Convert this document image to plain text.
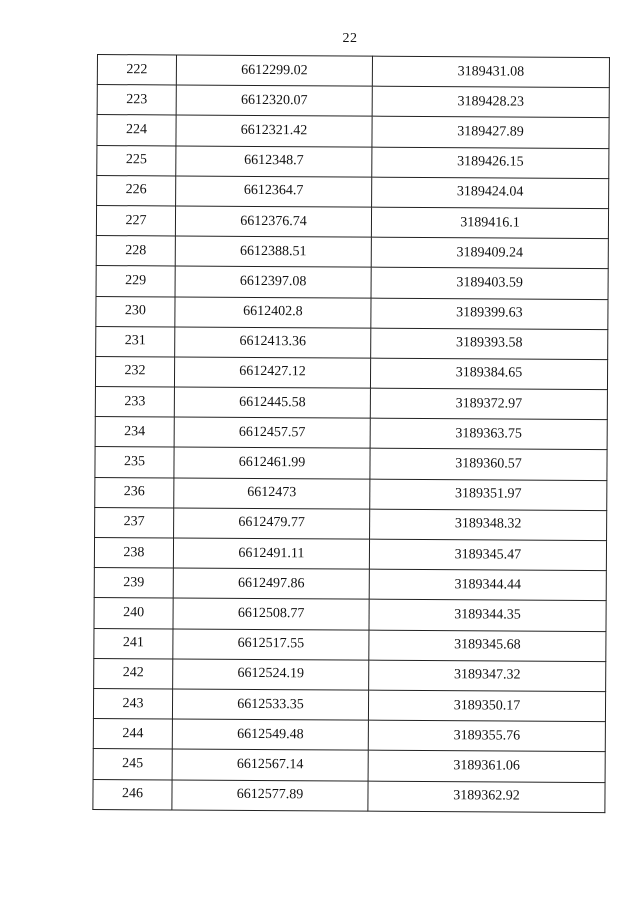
22
222	6612299.02	3189431.08
223	6612320.07	3189428.23
224	6612321.42	3189427.89
225	6612348.7	3189426.15
226	6612364.7	3189424.04
227	6612376.74	3189416.1
228	6612388.51	3189409.24
229	6612397.08	3189403.59
230	6612402.8	3189399.63
231	6612413.36	3189393.58
232	6612427.12	3189384.65
233	6612445.58	3189372.97
234	6612457.57	3189363.75
235	6612461.99	3189360.57
236	6612473	3189351.97
237	6612479.77	3189348.32
238	6612491.11	3189345.47
239	6612497.86	3189344.44
240	6612508.77	3189344.35
241	6612517.55	3189345.68
242	6612524.19	3189347.32
243	6612533.35	3189350.17
244	6612549.48	3189355.76
245	6612567.14	3189361.06
246	6612577.89	3189362.92
